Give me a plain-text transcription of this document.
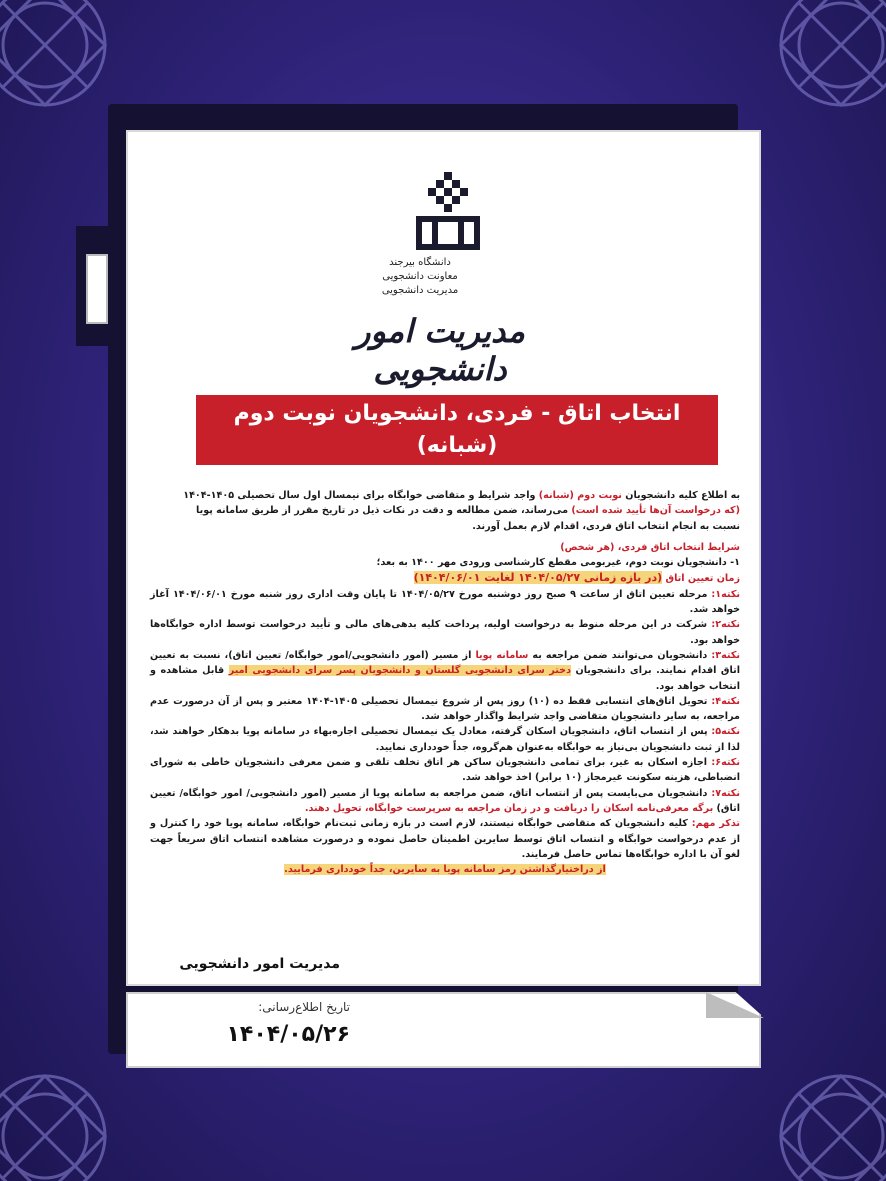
دانشگاه بیرجند
معاونت دانشجویی
مدیریت دانشجویی
مدیریت امور دانشجویی
انتخاب اتاق - فردی، دانشجویان نوبت دوم (شبانه)
برای سال تحصیلی ۱۴۰۵-۱۴۰۴

به اطلاع کلیه دانشجویان نوبت دوم (شبانه) واجد شرایط و متقاضی خوابگاه برای نیمسال اول سال تحصیلی ۱۴۰۵-۱۴۰۴

(که درخواست آن‌ها تأیید شده است) می‌رساند، ضمن مطالعه و دقت در نکات ذیل در تاریخ مقرر از طریق سامانه پویا

نسبت به انجام انتخاب اتاق فردی، اقدام لازم بعمل آورند.

شرایط انتخاب اتاق فردی، (هر شخص)

۱- دانشجویان نوبت دوم، غیربومی مقطع کارشناسی ورودی مهر ۱۴۰۰ به بعد؛

زمان تعیین اتاق (در بازه زمانی ۱۴۰۴/۰۵/۲۷ لغایت ۱۴۰۴/۰۶/۰۱)

نکته۱: مرحله تعیین اتاق از ساعت ۹ صبح روز دوشنبه مورخ ۱۴۰۴/۰۵/۲۷ تا پایان وقت اداری روز شنبه مورخ ۱۴۰۴/۰۶/۰۱ آغاز خواهد شد.

نکته۲: شرکت در این مرحله منوط به درخواست اولیه، پرداخت کلیه بدهی‌های مالی و تأیید درخواست توسط اداره خوابگاه‌ها خواهد بود.

نکته۳: دانشجویان می‌توانند ضمن مراجعه به سامانه پویا از مسیر (امور دانشجویی/امور خوابگاه/ تعیین اتاق)، نسبت به تعیین اتاق اقدام نمایند. برای دانشجویان دختر سرای دانشجویی گلستان و دانشجویان پسر سرای دانشجویی امیر قابل مشاهده و انتخاب خواهد بود.

نکته۴: تحویل اتاق‌های انتسابی فقط ده (۱۰) روز پس از شروع نیمسال تحصیلی ۱۴۰۵-۱۴۰۴ معتبر و پس از آن درصورت عدم مراجعه، به سایر دانشجویان متقاضی واجد شرایط واگذار خواهد شد.

نکته۵: پس از انتساب اتاق، دانشجویان اسکان گرفته، معادل یک نیمسال تحصیلی اجاره‌بهاء در سامانه پویا بدهکار خواهند شد، لذا از ثبت دانشجویان بی‌نیاز به خوابگاه به‌عنوان هم‌گروه، جداً خودداری نمایید.

نکته۶: اجازه اسکان به غیر، برای تمامی دانشجویان ساکن هر اتاق تخلف تلقی و ضمن معرفی دانشجویان خاطی به شورای انضباطی، هزینه سکونت غیرمجاز (۱۰ برابر) اخذ خواهد شد.

نکته۷: دانشجویان می‌بایست پس از انتساب اتاق، ضمن مراجعه به سامانه پویا از مسیر (امور دانشجویی/ امور خوابگاه/ تعیین اتاق) برگه معرفی‌نامه اسکان را دریافت و در زمان مراجعه به سرپرست خوابگاه، تحویل دهند.

تذکر مهم: کلیه دانشجویان که متقاضی خوابگاه نیستند، لازم است در بازه زمانی ثبت‌نام خوابگاه، سامانه پویا خود را کنترل و از عدم درخواست خوابگاه و انتساب اتاق توسط سایرین اطمینان حاصل نموده و درصورت مشاهده انتساب اتاق سریعاً جهت لغو آن با اداره خوابگاه‌ها تماس حاصل فرمایند.

از دراختیارگذاشتن رمز سامانه پویا به سایرین، جداً خودداری فرمایید.

مدیریت امور دانشجویی
تاریخ اطلاع‌رسانی:
۱۴۰۴/۰۵/۲۶
